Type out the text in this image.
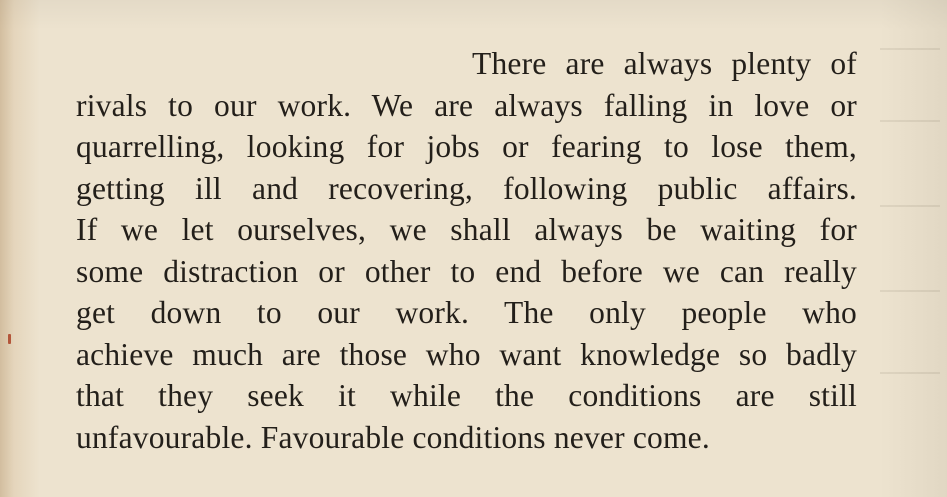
There are always plenty of
rivals to our work. We are always falling in love or
quarrelling, looking for jobs or fearing to lose them,
getting ill and recovering, following public affairs.
If we let ourselves, we shall always be waiting for
some distraction or other to end before we can really
get down to our work. The only people who
achieve much are those who want knowledge so badly
that they seek it while the conditions are still
unfavourable. Favourable conditions never come.
